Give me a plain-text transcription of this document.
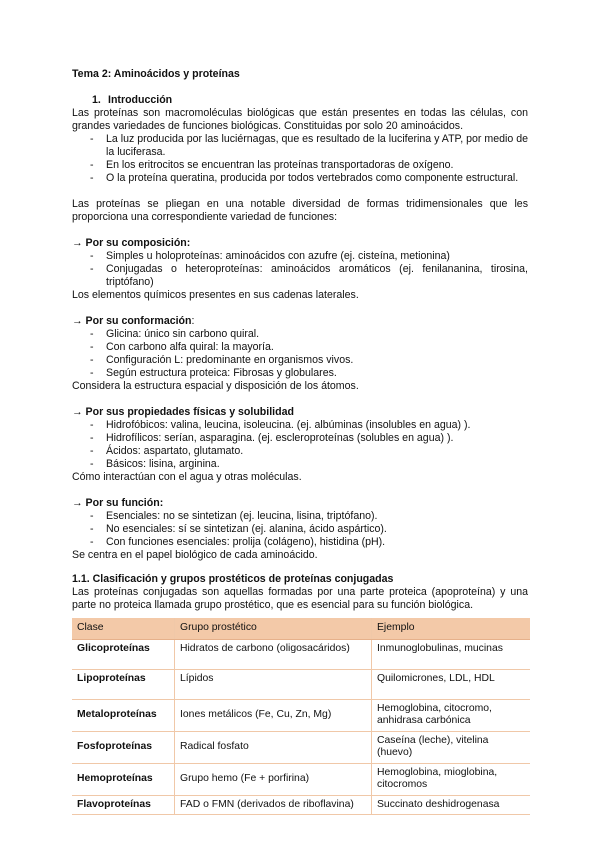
Tema 2: Aminoácidos y proteínas
1. Introducción

Las proteínas son macromoléculas biológicas que están presentes en todas las células, con grandes variedades de funciones biológicas. Constituidas por solo 20 aminoácidos.

- La luz producida por las luciérnagas, que es resultado de la luciferina y ATP, por medio de la luciferasa.
- En los eritrocitos se encuentran las proteínas transportadoras de oxígeno.
- O la proteína queratina, producida por todos vertebrados como componente estructural.

Las proteínas se pliegan en una notable diversidad de formas tridimensionales que les proporciona una correspondiente variedad de funciones:

→ Por su composición:
- Simples u holoproteínas: aminoácidos con azufre (ej. cisteína, metionina)
- Conjugadas o heteroproteínas: aminoácidos aromáticos (ej. fenilananina, tirosina, triptófano)

Los elementos químicos presentes en sus cadenas laterales.

→ Por su conformación:
- Glicina: único sin carbono quiral.
- Con carbono alfa quiral: la mayoría.
- Configuración L: predominante en organismos vivos.
- Según estructura proteica: Fibrosas y globulares.

Considera la estructura espacial y disposición de los átomos.

→ Por sus propiedades físicas y solubilidad
- Hidrofóbicos: valina, leucina, isoleucina. (ej. albúminas (insolubles en agua) ).
- Hidrofílicos: serían, asparagina. (ej. escleroproteínas (solubles en agua) ).
- Ácidos: aspartato, glutamato.
- Básicos: lisina, arginina.

Cómo interactúan con el agua y otras moléculas.

→ Por su función:
- Esenciales: no se sintetizan (ej. leucina, lisina, triptófano).
- No esenciales: sí se sintetizan (ej. alanina, ácido aspártico).
- Con funciones esenciales: prolija (colágeno), histidina (pH).

Se centra en el papel biológico de cada aminoácido.

1.1. Clasificación y grupos prostéticos de proteínas conjugadas

Las proteínas conjugadas son aquellas formadas por una parte proteica (apoproteína) y una parte no proteica llamada grupo prostético, que es esencial para su función biológica.

Clase	Grupo prostético	Ejemplo
Glicoproteínas	Hidratos de carbono (oligosacáridos)	Inmunoglobulinas, mucinas
Lipoproteínas	Lípidos	Quilomicrones, LDL, HDL
Metaloproteínas	Iones metálicos (Fe, Cu, Zn, Mg)	Hemoglobina, citocromo, anhidrasa carbónica
Fosfoproteínas	Radical fosfato	Caseína (leche), vitelina (huevo)
Hemoproteínas	Grupo hemo (Fe + porfirina)	Hemoglobina, mioglobina, citocromos
Flavoproteínas	FAD o FMN (derivados de riboflavina)	Succinato deshidrogenasa
